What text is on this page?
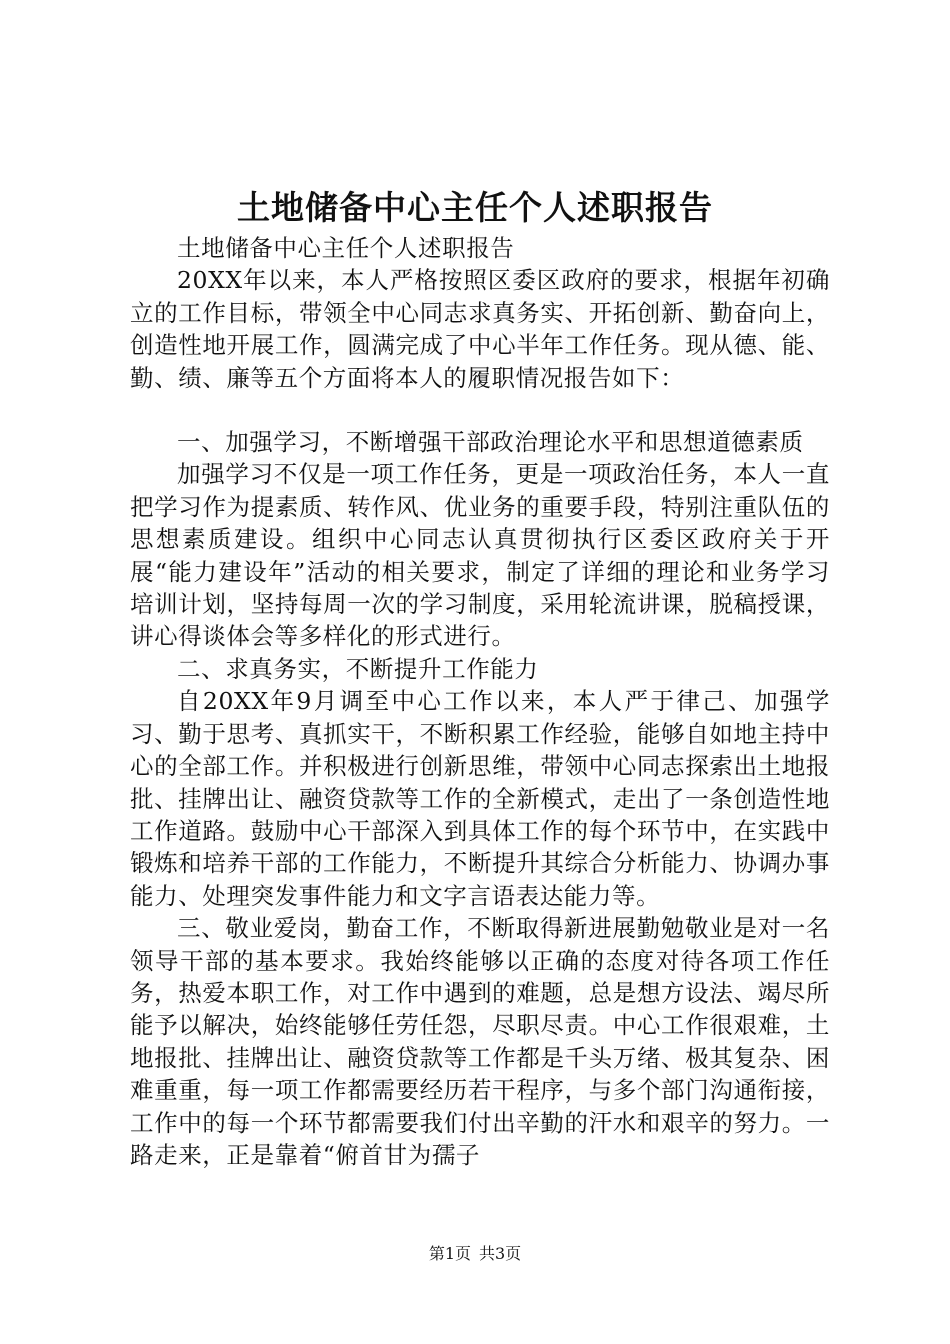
土地储备中心主任个人述职报告

土地储备中心主任个人述职报告

20XX年以来，本人严格按照区委区政府的要求，根据年初确立的工作目标，带领全中心同志求真务实、开拓创新、勤奋向上，创造性地开展工作，圆满完成了中心半年工作任务。现从德、能、勤、绩、廉等五个方面将本人的履职情况报告如下：

一、加强学习，不断增强干部政治理论水平和思想道德素质

加强学习不仅是一项工作任务，更是一项政治任务，本人一直把学习作为提素质、转作风、优业务的重要手段，特别注重队伍的思想素质建设。组织中心同志认真贯彻执行区委区政府关于开展“能力建设年”活动的相关要求，制定了详细的理论和业务学习培训计划，坚持每周一次的学习制度，采用轮流讲课，脱稿授课，讲心得谈体会等多样化的形式进行。

二、求真务实，不断提升工作能力

自20XX年9月调至中心工作以来，本人严于律己、加强学习、勤于思考、真抓实干，不断积累工作经验，能够自如地主持中心的全部工作。并积极进行创新思维，带领中心同志探索出土地报批、挂牌出让、融资贷款等工作的全新模式，走出了一条创造性地工作道路。鼓励中心干部深入到具体工作的每个环节中，在实践中锻炼和培养干部的工作能力，不断提升其综合分析能力、协调办事能力、处理突发事件能力和文字言语表达能力等。

三、敬业爱岗，勤奋工作，不断取得新进展勤勉敬业是对一名领导干部的基本要求。我始终能够以正确的态度对待各项工作任务，热爱本职工作，对工作中遇到的难题，总是想方设法、竭尽所能予以解决，始终能够任劳任怨，尽职尽责。中心工作很艰难，土地报批、挂牌出让、融资贷款等工作都是千头万绪、极其复杂、困难重重，每一项工作都需要经历若干程序，与多个部门沟通衔接，工作中的每一个环节都需要我们付出辛勤的汗水和艰辛的努力。一路走来，正是靠着“俯首甘为孺子

第1页 共3页
